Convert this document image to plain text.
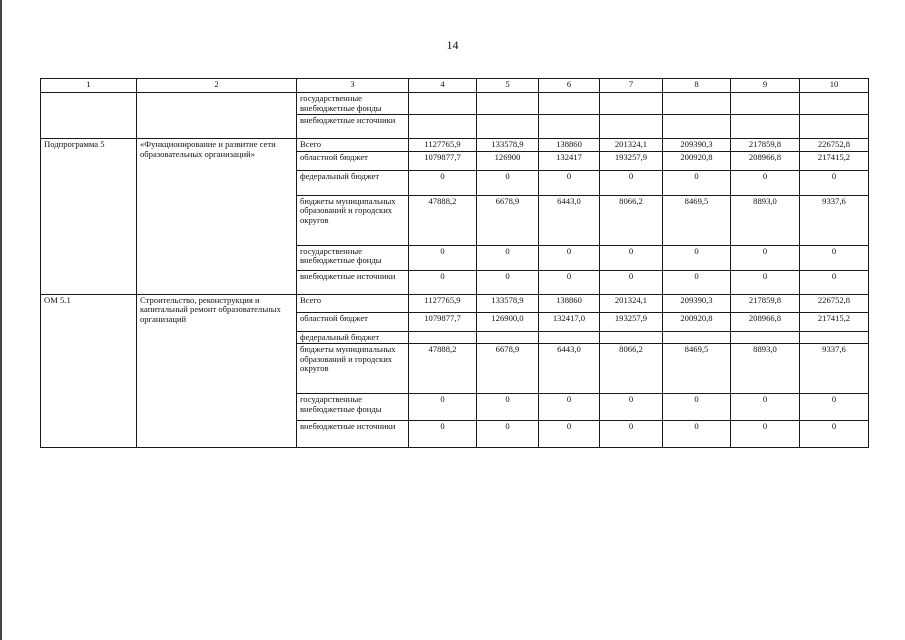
14
1	2	3	4	5	6	7	8	9	10
		государственные внебюджетные фонды							
		внебюджетные источники							
Подпрограмма 5	«Функционирование и развитие сети образовательных организаций»	Всего	1127765,9	133578,9	138860	201324,1	209390,3	217859,8	226752,8
		областной бюджет	1079877,7	126900	132417	193257,9	200920,8	208966,8	217415,2
		федеральный бюджет	0	0	0	0	0	0	0
		бюджеты муниципальных образований и городских округов	47888,2	6678,9	6443,0	8066,2	8469,5	8893,0	9337,6
		государственные внебюджетные фонды	0	0	0	0	0	0	0
		внебюджетные источники	0	0	0	0	0	0	0
ОМ 5.1	Строительство, реконструкция и капитальный ремонт образовательных организаций	Всего	1127765,9	133578,9	138860	201324,1	209390,3	217859,8	226752,8
		областной бюджет	1079877,7	126900,0	132417,0	193257,9	200920,8	208966,8	217415,2
		федеральный бюджет							
		бюджеты муниципальных образований и городских округов	47888,2	6678,9	6443,0	8066,2	8469,5	8893,0	9337,6
		государственные внебюджетные фонды	0	0	0	0	0	0	0
		внебюджетные источники	0	0	0	0	0	0	0
